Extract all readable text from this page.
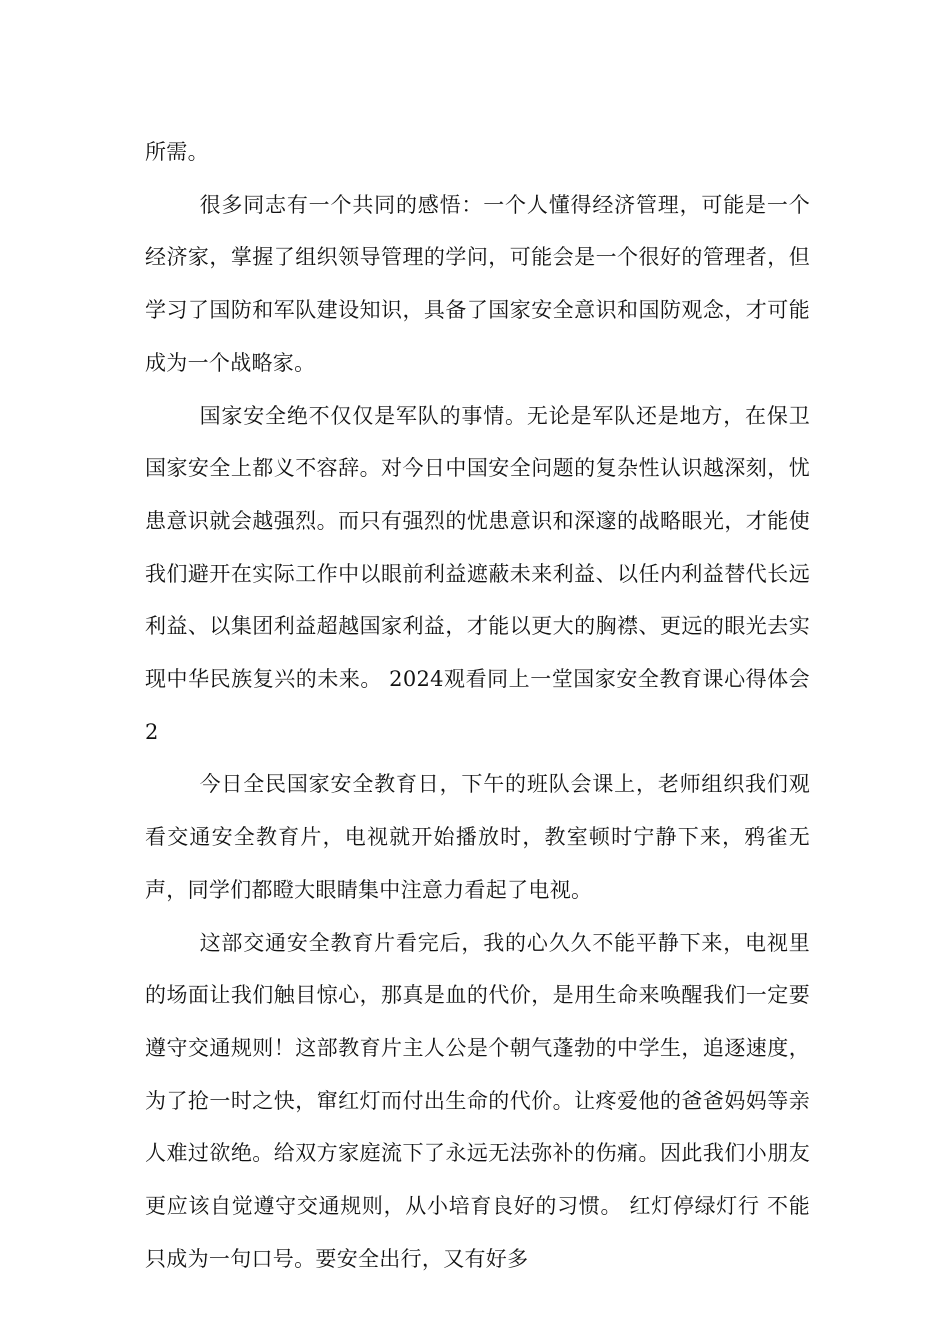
所需。

很多同志有一个共同的感悟：一个人懂得经济管理，可能是一个经济家，掌握了组织领导管理的学问，可能会是一个很好的管理者，但学习了国防和军队建设知识，具备了国家安全意识和国防观念，才可能成为一个战略家。

国家安全绝不仅仅是军队的事情。无论是军队还是地方，在保卫国家安全上都义不容辞。对今日中国安全问题的复杂性认识越深刻，忧患意识就会越强烈。而只有强烈的忧患意识和深邃的战略眼光，才能使我们避开在实际工作中以眼前利益遮蔽未来利益、以任内利益替代长远利益、以集团利益超越国家利益，才能以更大的胸襟、更远的眼光去实现中华民族复兴的未来。 2024观看同上一堂国家安全教育课心得体会2

今日全民国家安全教育日，下午的班队会课上，老师组织我们观看交通安全教育片，电视就开始播放时，教室顿时宁静下来，鸦雀无声，同学们都瞪大眼睛集中注意力看起了电视。

这部交通安全教育片看完后，我的心久久不能平静下来，电视里的场面让我们触目惊心，那真是血的代价，是用生命来唤醒我们一定要遵守交通规则！这部教育片主人公是个朝气蓬勃的中学生，追逐速度，为了抢一时之快，窜红灯而付出生命的代价。让疼爱他的爸爸妈妈等亲人难过欲绝。给双方家庭流下了永远无法弥补的伤痛。因此我们小朋友更应该自觉遵守交通规则，从小培育良好的习惯。 红灯停绿灯行 不能只成为一句口号。要安全出行，又有好多
